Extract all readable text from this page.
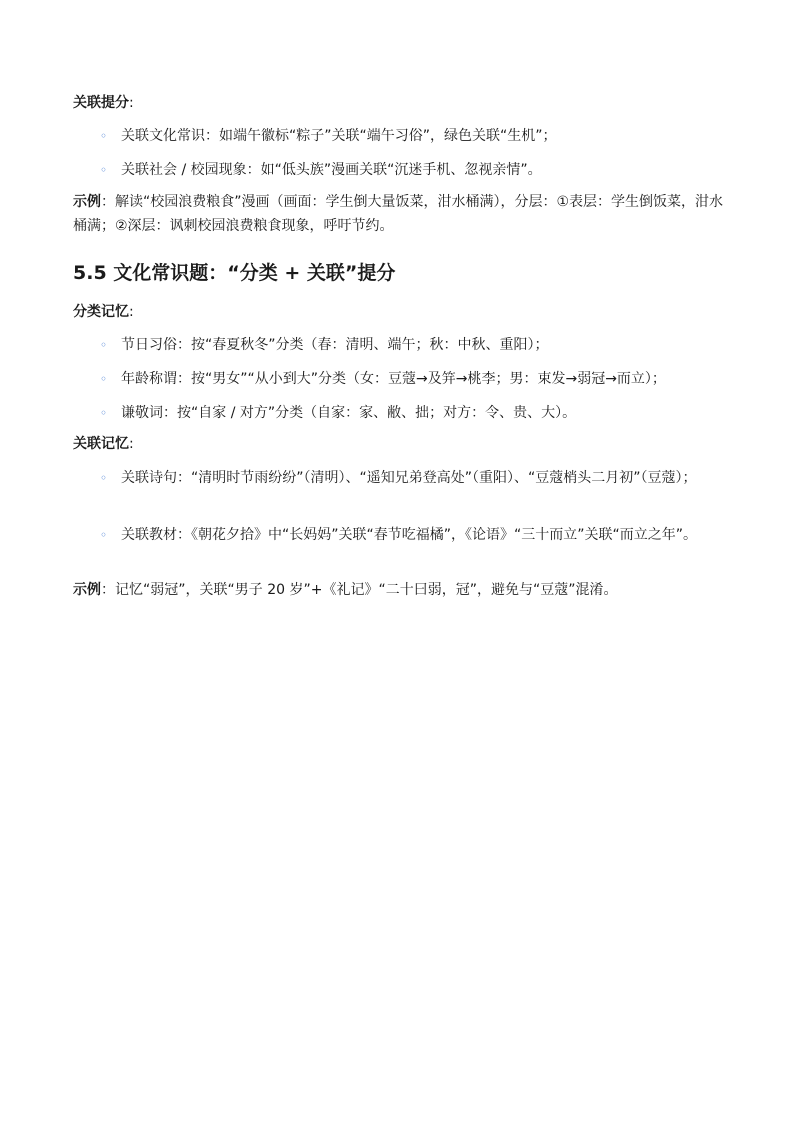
关联提分:
◦ 关联文化常识：如端午徽标“粽子”关联“端午习俗”，绿色关联“生机”；
◦ 关联社会 / 校园现象：如“低头族”漫画关联“沉迷手机、忽视亲情”。
示例：解读“校园浪费粮食”漫画（画面：学生倒大量饭菜，泔水桶满），分层：①表层：学生倒饭菜，泔水桶满；②深层：讽刺校园浪费粮食现象，呼吁节约。
5.5 文化常识题：“分类 + 关联”提分
分类记忆:
◦ 节日习俗：按“春夏秋冬”分类（春：清明、端午；秋：中秋、重阳）；
◦ 年龄称谓：按“男女”“从小到大”分类（女：豆蔻→及笄→桃李；男：束发→弱冠→而立）；
◦ 谦敬词：按“自家 / 对方”分类（自家：家、敝、拙；对方：令、贵、大）。
关联记忆:
◦ 关联诗句：“清明时节雨纷纷”（清明）、“遥知兄弟登高处”（重阳）、“豆蔻梢头二月初”（豆蔻）；
◦ 关联教材：《朝花夕拾》中“长妈妈”关联“春节吃福橘”，《论语》“三十而立”关联“而立之年”。
示例：记忆“弱冠”，关联“男子 20 岁”+《礼记》“二十曰弱，冠”，避免与“豆蔻”混淆。
